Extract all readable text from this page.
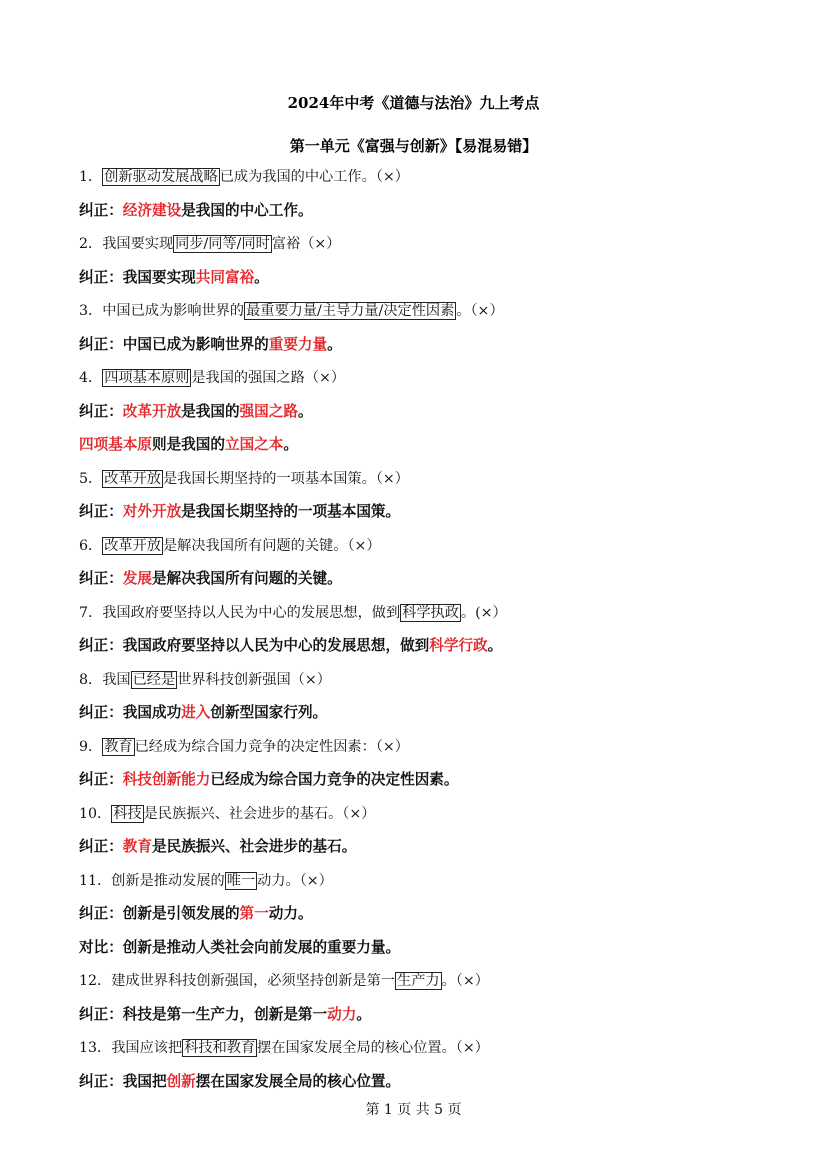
2024年中考《道德与法治》九上考点
第一单元《富强与创新》【易混易错】
1． 创新驱动发展战略 已成为我国的中心工作。（×）
纠正：经济建设是我国的中心工作。
2．我国要实现 同步/同等/同时 富裕（×）
纠正：我国要实现共同富裕。
3．中国已成为影响世界的 最重要力量/主导力量/决定性因素 。（×）
纠正：中国已成为影响世界的重要力量。
4． 四项基本原则 是我国的强国之路（×）
纠正：改革开放是我国的强国之路。
四项基本原则是我国的立国之本。
5． 改革开放 是我国长期坚持的一项基本国策。（×）
纠正：对外开放是我国长期坚持的一项基本国策。
6． 改革开放 是解决我国所有问题的关键。（×）
纠正：发展是解决我国所有问题的关键。
7．我国政府要坚持以人民为中心的发展思想，做到 科学执政 。(×）
纠正：我国政府要坚持以人民为中心的发展思想，做到科学行政。
8．我国 已经是 世界科技创新强国（×）
纠正：我国成功进入创新型国家行列。
9． 教育 已经成为综合国力竞争的决定性因素：（×）
纠正：科技创新能力已经成为综合国力竞争的决定性因素。
10． 科技 是民族振兴、社会进步的基石。（×）
纠正：教育是民族振兴、社会进步的基石。
11．创新是推动发展的 唯一 动力。（×）
纠正：创新是引领发展的第一动力。
对比：创新是推动人类社会向前发展的重要力量。
12．建成世界科技创新强国，必须坚持创新是第一 生产力 。（×）
纠正：科技是第一生产力，创新是第一动力。
13．我国应该把 科技和教育 摆在国家发展全局的核心位置。（×）
纠正：我国把创新摆在国家发展全局的核心位置。
第 1 页 共 5 页
